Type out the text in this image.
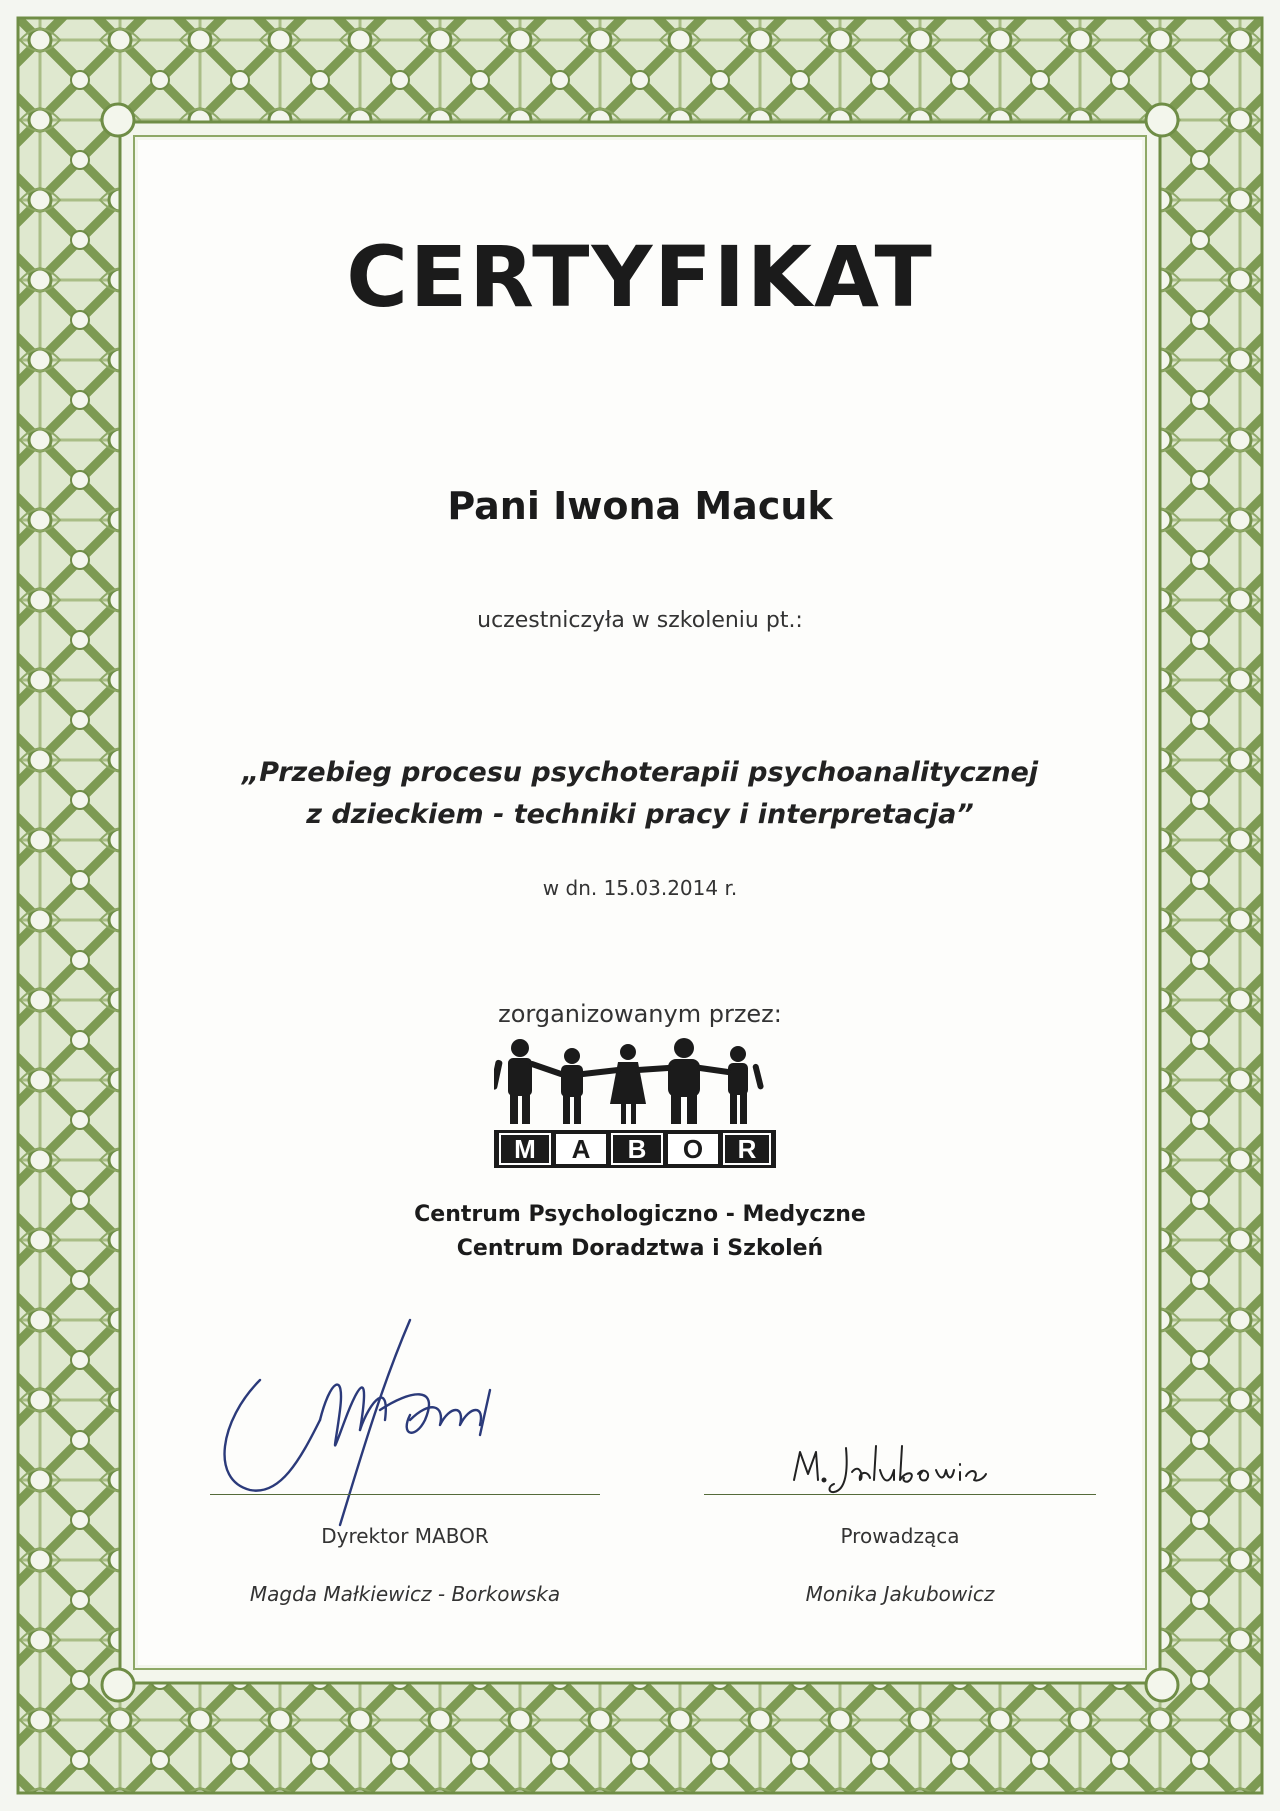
CERTYFIKAT
Pani Iwona Macuk
uczestniczyła w szkoleniu pt.:
„Przebieg procesu psychoterapii psychoanalitycznej
z dzieckiem - techniki pracy i interpretacja”
w dn. 15.03.2014 r.
zorganizowanym przez:
M A B O R
Centrum Psychologiczno - Medyczne
Centrum Doradztwa i Szkoleń
Dyrektor MABOR
Magda Małkiewicz - Borkowska
Prowadząca
Monika Jakubowicz
